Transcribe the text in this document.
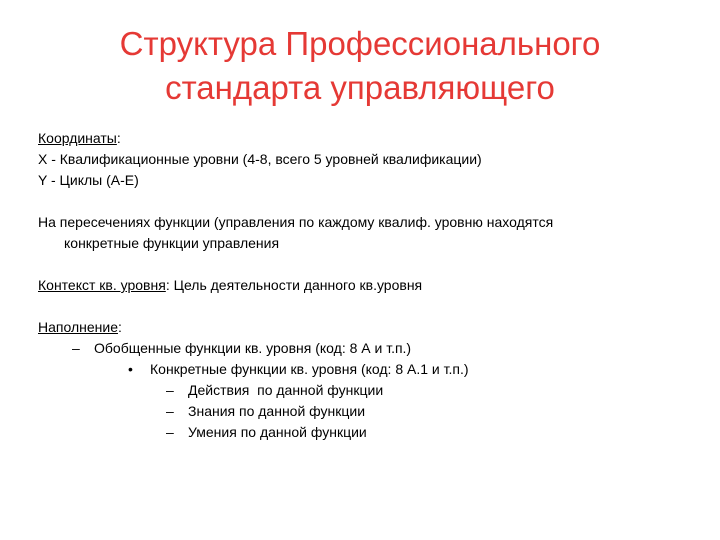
Структура Профессионального
стандарта управляющего
Координаты:
X - Квалификационные уровни (4-8, всего 5 уровней квалификации)
Y - Циклы (А-Е)
На пересечениях функции (управления по каждому квалиф. уровню находятся
конкретные функции управления
Контекст кв. уровня: Цель деятельности данного кв.уровня
Наполнение:
– Обобщенные функции кв. уровня (код: 8 А и т.п.)
• Конкретные функции кв. уровня (код: 8 А.1 и т.п.)
– Действия  по данной функции
– Знания по данной функции
– Умения по данной функции
